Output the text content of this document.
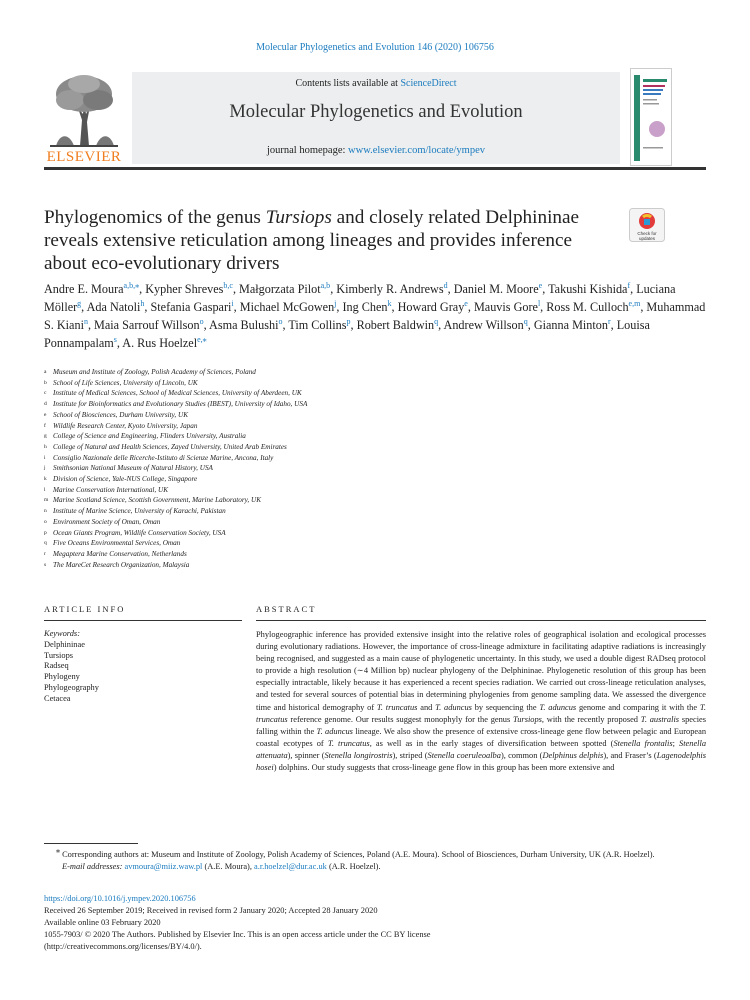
Molecular Phylogenetics and Evolution 146 (2020) 106756
ELSEVIER
Contents lists available at ScienceDirect
Molecular Phylogenetics and Evolution
journal homepage: www.elsevier.com/locate/ympev
Phylogenomics of the genus Tursiops and closely related Delphininae reveals extensive reticulation among lineages and provides inference about eco-evolutionary drivers
Check for updates
Andre E. Moura$^{a,b,⁎}$, Kypher Shreves$^{b,c}$, Małgorzata Pilot$^{a,b}$, Kimberly R. Andrews$^d$, Daniel M. Moore$^e$, Takushi Kishida$^f$, Luciana Möller$^g$, Ada Natoli$^h$, Stefania Gaspari$^i$, Michael McGowen$^j$, Ing Chen$^k$, Howard Gray$^e$, Mauvis Gore$^l$, Ross M. Culloch$^{e,m}$, Muhammad S. Kiani$^n$, Maia Sarrouf Willson$^o$, Asma Bulushi$^o$, Tim Collins$^p$, Robert Baldwin$^q$, Andrew Willson$^q$, Gianna Minton$^r$, Louisa Ponnampalam$^s$, A. Rus Hoelzel$^{e,⁎}$
a Museum and Institute of Zoology, Polish Academy of Sciences, Poland
b School of Life Sciences, University of Lincoln, UK
c Institute of Medical Sciences, School of Medical Sciences, University of Aberdeen, UK
d Institute for Bioinformatics and Evolutionary Studies (IBEST), University of Idaho, USA
e School of Biosciences, Durham University, UK
f Wildlife Research Center, Kyoto University, Japan
g College of Science and Engineering, Flinders University, Australia
h College of Natural and Health Sciences, Zayed University, United Arab Emirates
i Consiglio Nazionale delle Ricerche-Istituto di Scienze Marine, Ancona, Italy
j Smithsonian National Museum of Natural History, USA
k Division of Science, Yale-NUS College, Singapore
l Marine Conservation International, UK
m Marine Scotland Science, Scottish Government, Marine Laboratory, UK
n Institute of Marine Science, University of Karachi, Pakistan
o Environment Society of Oman, Oman
p Ocean Giants Program, Wildlife Conservation Society, USA
q Five Oceans Environmental Services, Oman
r Megaptera Marine Conservation, Netherlands
s The MareCet Research Organization, Malaysia
ARTICLE INFO	ABSTRACT
Keywords:
Delphininae
Tursiops
Radseq
Phylogeny
Phylogeography
Cetacea
Phylogeographic inference has provided extensive insight into the relative roles of geographical isolation and ecological processes during evolutionary radiations. However, the importance of cross-lineage admixture in facilitating adaptive radiations is increasingly being recognised, and suggested as a main cause of phylogenetic uncertainty. In this study, we used a double digest RADseq protocol to provide a high resolution (∼4 Million bp) nuclear phylogeny of the Delphininae. Phylogenetic resolution of this group has been especially intractable, likely because it has experienced a recent species radiation. We carried out cross-lineage reticulation analyses, and tested for several sources of potential bias in determining phylogenies from genome sampling data. We assessed the divergence time and historical demography of T. truncatus and T. aduncus by sequencing the T. aduncus genome and comparing it with the T. truncatus reference genome. Our results suggest monophyly for the genus Tursiops, with the recently proposed T. australis species falling within the T. aduncus lineage. We also show the presence of extensive cross-lineage gene flow between pelagic and European coastal ecotypes of T. truncatus, as well as in the early stages of diversification between spotted (Stenella frontalis; Stenella attenuata), spinner (Stenella longirostris), striped (Stenella coeruleoalba), common (Delphinus delphis), and Fraser’s (Lagenodelphis hosei) dolphins. Our study suggests that cross-lineage gene flow in this group has been more extensive and
⁎ Corresponding authors at: Museum and Institute of Zoology, Polish Academy of Sciences, Poland (A.E. Moura). School of Biosciences, Durham University, UK (A.R. Hoelzel).
E-mail addresses: avmoura@miiz.waw.pl (A.E. Moura), a.r.hoelzel@dur.ac.uk (A.R. Hoelzel).
https://doi.org/10.1016/j.ympev.2020.106756
Received 26 September 2019; Received in revised form 2 January 2020; Accepted 28 January 2020
Available online 03 February 2020
1055-7903/ © 2020 The Authors. Published by Elsevier Inc. This is an open access article under the CC BY license
(http://creativecommons.org/licenses/BY/4.0/).
